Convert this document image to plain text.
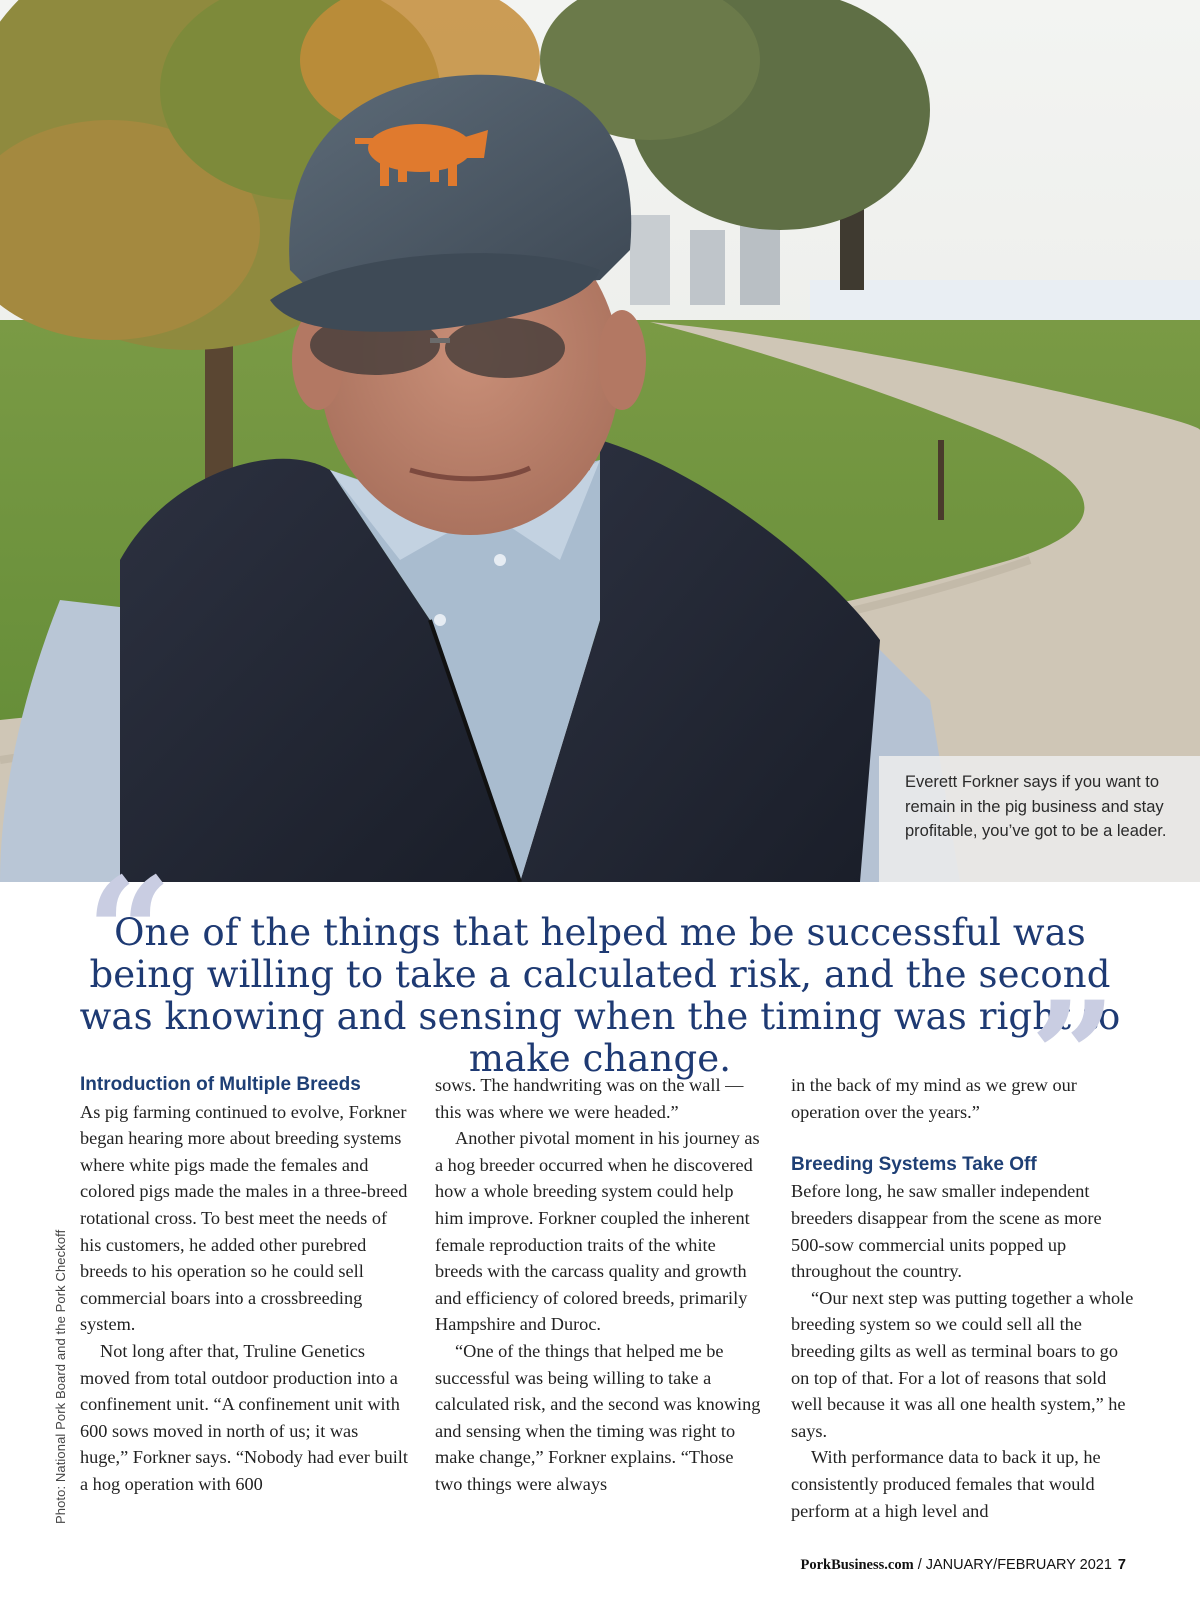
Everett Forkner says if you want to remain in the pig business and stay profitable, you’ve got to be a leader.

“

One of the things that helped me be successful was being willing to take a calculated risk, and the second was knowing and sensing when the timing was right to make change.	”
Photo: National Pork Board and the Pork Checkoff
Introduction of Multiple Breeds

As pig farming continued to evolve, Forkner began hearing more about breeding systems where white pigs made the females and colored pigs made the males in a three-breed rotational cross. To best meet the needs of his customers, he added other purebred breeds to his operation so he could sell commercial boars into a crossbreeding system.

Not long after that, Truline Genetics moved from total outdoor production into a confinement unit. “A confinement unit with 600 sows moved in north of us; it was huge,” Forkner says. “Nobody had ever built a hog operation with 600

sows. The handwriting was on the wall — this was where we were headed.”

Another pivotal moment in his journey as a hog breeder occurred when he discovered how a whole breeding system could help him improve. Forkner coupled the inherent female reproduction traits of the white breeds with the carcass quality and growth and efficiency of colored breeds, primarily Hampshire and Duroc.

“One of the things that helped me be successful was being willing to take a calculated risk, and the second was knowing and sensing when the timing was right to make change,” Forkner explains. “Those two things were always

in the back of my mind as we grew our operation over the years.”

Breeding Systems Take Off

Before long, he saw smaller independent breeders disappear from the scene as more 500-sow commercial units popped up throughout the country.

“Our next step was putting together a whole breeding system so we could sell all the breeding gilts as well as terminal boars to go on top of that. For a lot of reasons that sold well because it was all one health system,” he says.

With performance data to back it up, he consistently produced females that would perform at a high level and

PorkBusiness.com / JANUARY/FEBRUARY 2021 7
